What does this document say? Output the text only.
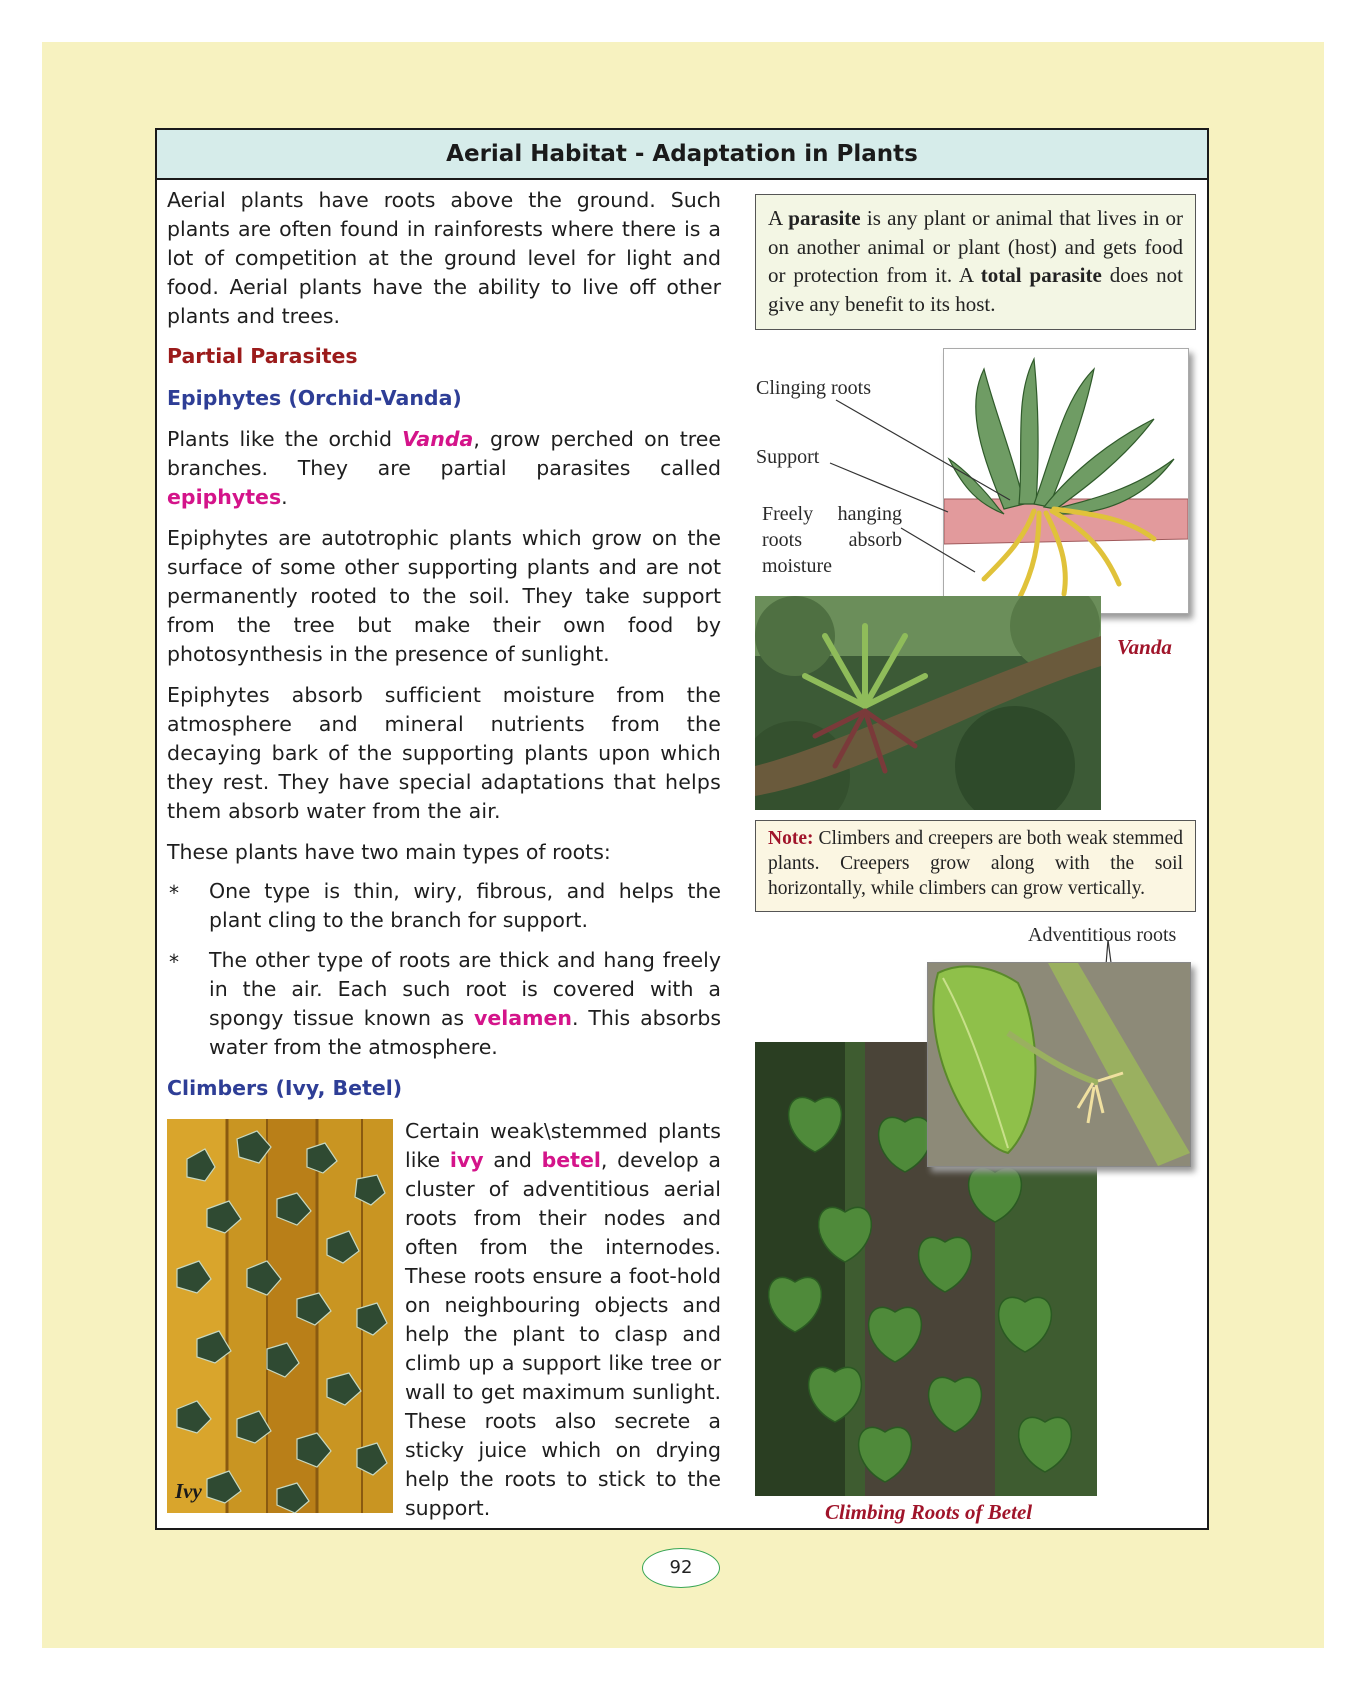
Aerial Habitat - Adaptation in Plants
Aerial plants have roots above the ground. Such plants are often found in rainforests where there is a lot of competition at the ground level for light and food. Aerial plants have the ability to live off other plants and trees.
Partial Parasites
Epiphytes (Orchid-Vanda)
Plants like the orchid Vanda, grow perched on tree branches. They are partial parasites called epiphytes.
Epiphytes are autotrophic plants which grow on the surface of some other supporting plants and are not permanently rooted to the soil. They take support from the tree but make their own food by photosynthesis in the presence of sunlight.
Epiphytes absorb sufficient moisture from the atmosphere and mineral nutrients from the decaying bark of the supporting plants upon which they rest. They have special adaptations that helps them absorb water from the air.
These plants have two main types of roots:
* One type is thin, wiry, fibrous, and helps the plant cling to the branch for support.
* The other type of roots are thick and hang freely in the air. Each such root is covered with a spongy tissue known as velamen. This absorbs water from the atmosphere.
Climbers (Ivy, Betel)
Ivy
Certain weak\stemmed plants like ivy and betel, develop a cluster of adventitious aerial roots from their nodes and often from the internodes. These roots ensure a foot-hold on neighbouring objects and help the plant to clasp and climb up a support like tree or wall to get maximum sunlight. These roots also secrete a sticky juice which on drying help the roots to stick to the support.
A parasite is any plant or animal that lives in or on another animal or plant (host) and gets food or protection from it. A total parasite does not give any benefit to its host.
Clinging roots
Support
Freely hanging roots absorb moisture
Vanda
Note: Climbers and creepers are both weak stemmed plants. Creepers grow along with the soil horizontally, while climbers can grow vertically.
Adventitious roots
Climbing Roots of Betel
92
